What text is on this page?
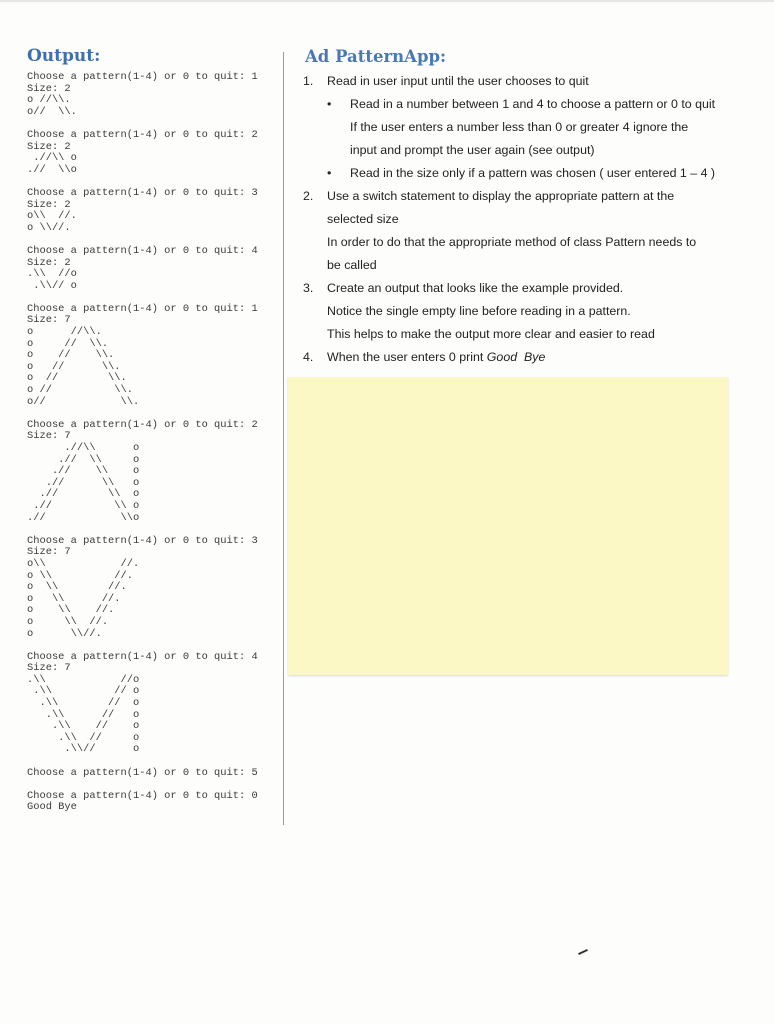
Output:
Choose a pattern(1-4) or 0 to quit: 1
Size: 2
o //\\.
o//  \\.
Choose a pattern(1-4) or 0 to quit: 2
Size: 2
.//\\ o
.//  \\o
Choose a pattern(1-4) or 0 to quit: 3
Size: 2
o\\  //.
o \\//.
Choose a pattern(1-4) or 0 to quit: 4
Size: 2
.\\  //o
.\\// o
Choose a pattern(1-4) or 0 to quit: 1
Size: 7
o      //\\.
o     //  \\.
o    //    \\.
o   //      \\.
o  //        \\.
o //          \\.
o//            \\.
Choose a pattern(1-4) or 0 to quit: 2
Size: 7
.//\\      o
.//  \\     o
.//    \\    o
.//      \\   o
.//        \\  o
.//          \\ o
.//            \\o
Choose a pattern(1-4) or 0 to quit: 3
Size: 7
o\\            //.
o \\          //.
o  \\        //.
o   \\      //.
o    \\    //.
o     \\  //.
o      \\//.
Choose a pattern(1-4) or 0 to quit: 4
Size: 7
.\\            //o
.\\          // o
.\\        //  o
.\\      //   o
.\\    //    o
.\\  //     o
.\\//      o
Choose a pattern(1-4) or 0 to quit: 5
Choose a pattern(1-4) or 0 to quit: 0
Good Bye
Ad PatternApp:
1. Read in user input until the user chooses to quit
• Read in a number between 1 and 4 to choose a pattern or 0 to quit
If the user enters a number less than 0 or greater 4 ignore the
input and prompt the user again (see output)
• Read in the size only if a pattern was chosen ( user entered 1 – 4 )
2. Use a switch statement to display the appropriate pattern at the
selected size
In order to do that the appropriate method of class Pattern needs to
be called
3. Create an output that looks like the example provided.
Notice the single empty line before reading in a pattern.
This helps to make the output more clear and easier to read
4. When the user enters 0 print Good  Bye
